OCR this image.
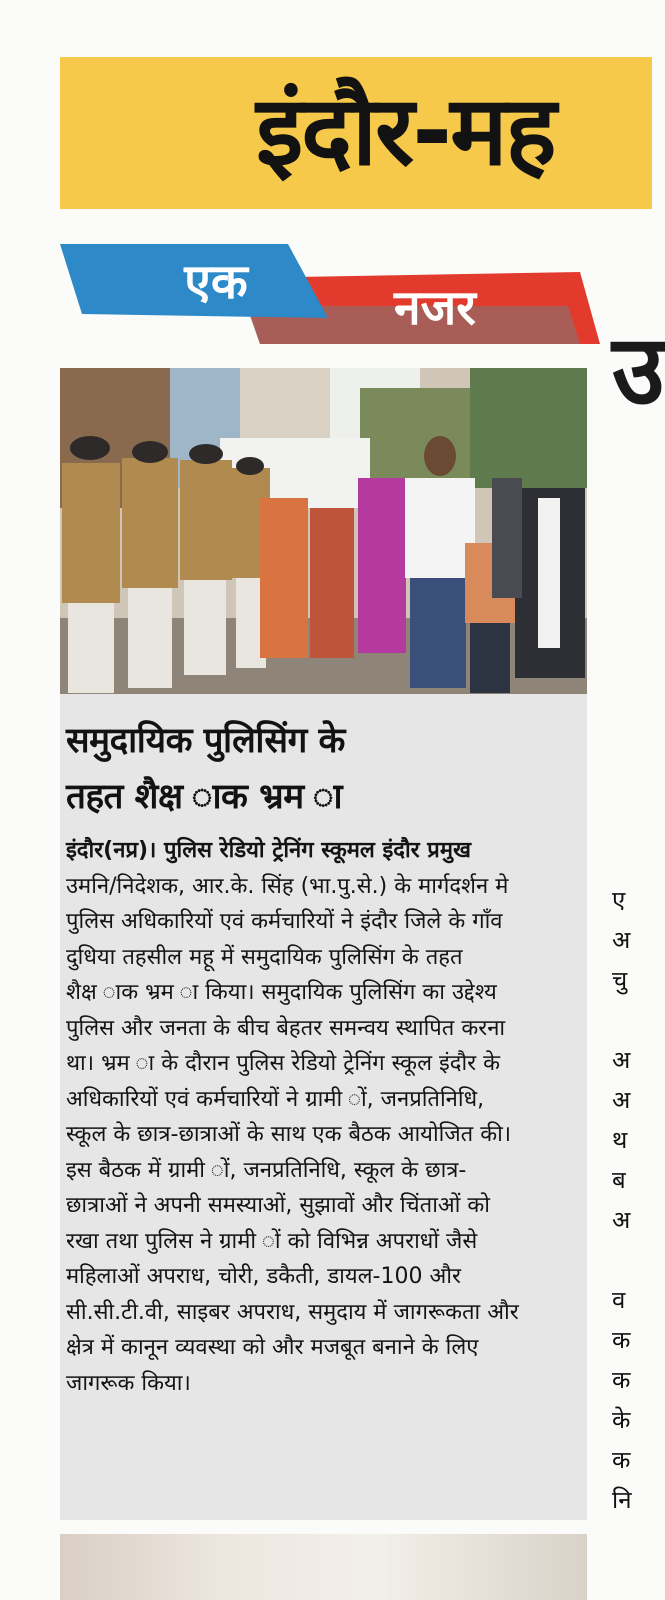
इंदौर-मह
एक	नजर
उ
समुदायिक पुलिसिंग के
तहत शैक्ष ाक भ्रम ा
इंदौर(नप्र)। पुलिस रेडियो ट्रेनिंग स्कूमल इंदौर प्रमुख
उमनि/निदेशक, आर.के. सिंह (भा.पु.से.) के मार्गदर्शन मे
पुलिस अधिकारियों एवं कर्मचारियों ने इंदौर जिले के गाँव
दुधिया तहसील महू में समुदायिक पुलिसिंग के तहत
शैक्ष ाक भ्रम ा किया। समुदायिक पुलिसिंग का उद्देश्य
पुलिस और जनता के बीच बेहतर समन्वय स्थापित करना
था। भ्रम ा के दौरान पुलिस रेडियो ट्रेनिंग स्कूल इंदौर के
अधिकारियों एवं कर्मचारियों ने ग्रामी ों, जनप्रतिनिधि,
स्कूल के छात्र-छात्राओं के साथ एक बैठक आयोजित की।
इस बैठक में ग्रामी ों, जनप्रतिनिधि, स्कूल के छात्र-
छात्राओं ने अपनी समस्याओं, सुझावों और चिंताओं को
रखा तथा पुलिस ने ग्रामी ों को विभिन्न अपराधों जैसे
महिलाओं अपराध, चोरी, डकैती, डायल-100 और
सी.सी.टी.वी, साइबर अपराध, समुदाय में जागरूकता और
क्षेत्र में कानून व्यवस्था को और मजबूत बनाने के लिए
जागरूक किया।
ए
अ
चु

अ
अ
थ
ब
अ

व
क
क
के
क
नि
